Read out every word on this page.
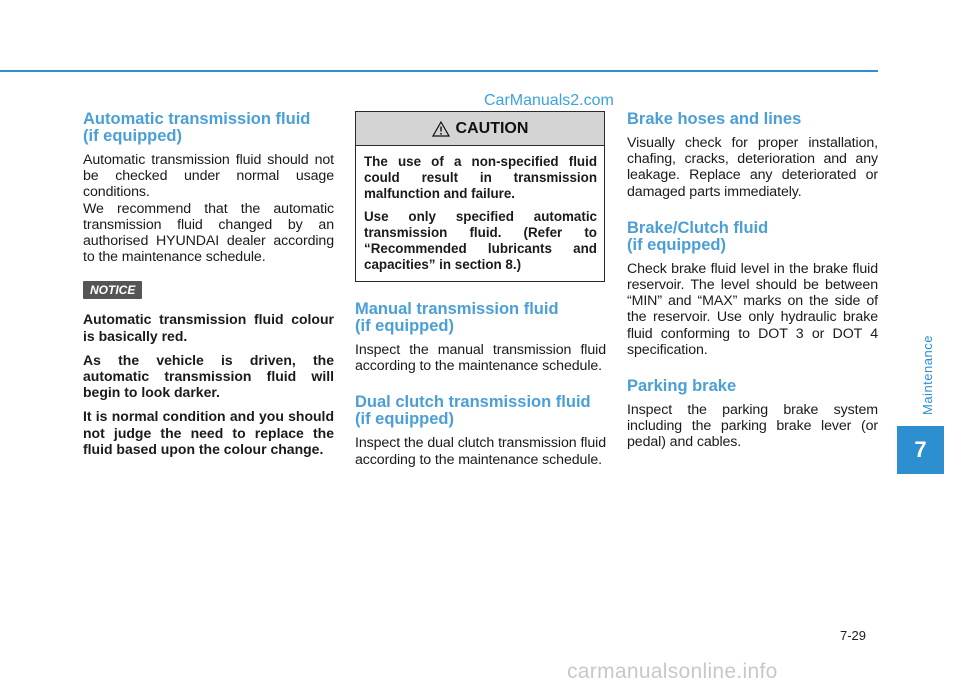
CarManuals2.com
Automatic transmission fluid
(if equipped)

Automatic transmission fluid should not be checked under normal usage conditions.

We recommend that the automatic transmission fluid changed by an authorised HYUNDAI dealer according to the maintenance schedule.

NOTICE

Automatic transmission fluid colour is basically red.

As the vehicle is driven, the automatic transmission fluid will begin to look darker.

It is normal condition and you should not judge the need to replace the fluid based upon the colour change.

CAUTION

The use of a non-specified fluid could result in transmission malfunction and failure.

Use only specified automatic transmission fluid. (Refer to “Recommended lubricants and capacities” in section 8.)

Manual transmission fluid
(if equipped)

Inspect the manual transmission fluid according to the maintenance schedule.

Dual clutch transmission fluid
(if equipped)

Inspect the dual clutch transmission fluid according to the maintenance schedule.

Brake hoses and lines

Visually check for proper installation, chafing, cracks, deterioration and any leakage. Replace any deteriorated or damaged parts immediately.

Brake/Clutch fluid
(if equipped)

Check brake fluid level in the brake fluid reservoir. The level should be between “MIN” and “MAX” marks on the side of the reservoir. Use only hydraulic brake fluid conforming to DOT 3 or DOT 4 specification.

Parking brake

Inspect the parking brake system including the parking brake lever (or pedal) and cables.

Maintenance
7
7-29
carmanualsonline.info
